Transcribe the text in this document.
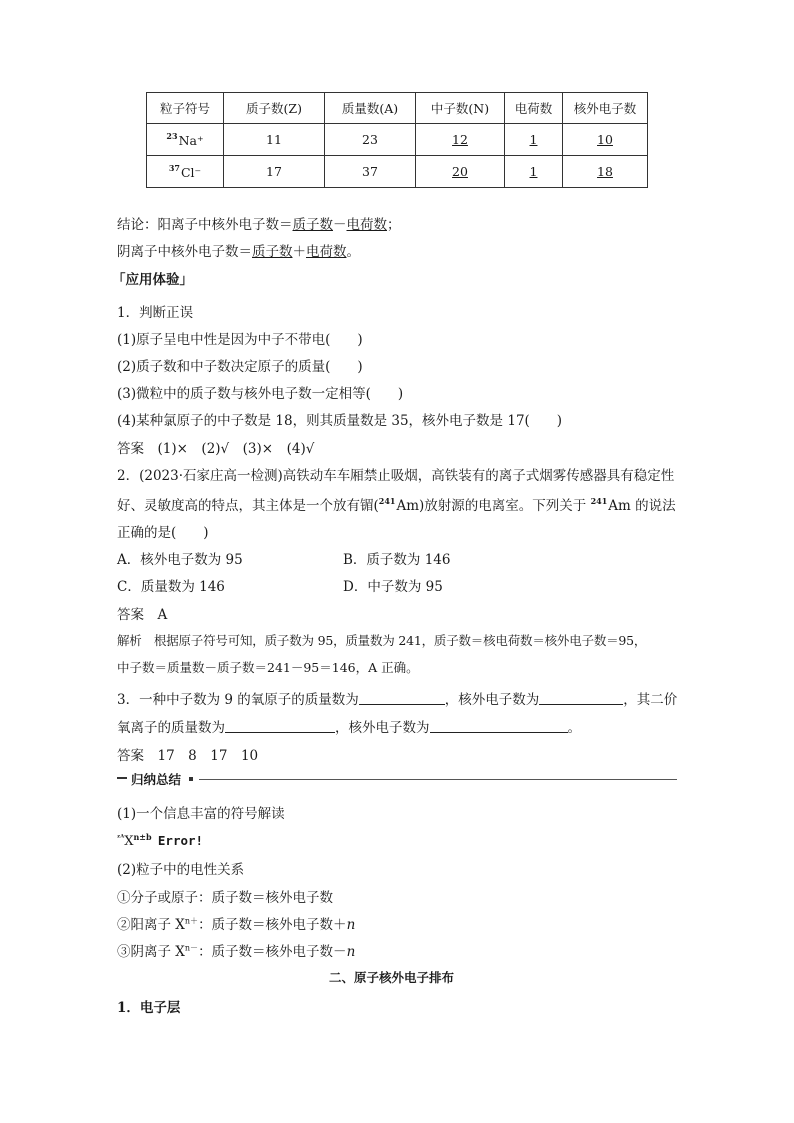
粒子符号	质子数(Z)	质量数(A)	中子数(N)	电荷数	核外电子数
$^{23}$Na⁺	11	23	12	1	10
$^{37}$Cl⁻	17	37	20	1	18
结论：阳离子中核外电子数＝质子数－电荷数；
阴离子中核外电子数＝质子数＋电荷数。
「应用体验」
1．判断正误
(1)原子呈电中性是因为中子不带电(　　)
(2)质子数和中子数决定原子的质量(　　)
(3)微粒中的质子数与核外电子数一定相等(　　)
(4)某种氯原子的中子数是 18，则其质量数是 35，核外电子数是 17(　　)
答案　(1)×　(2)√　(3)×　(4)√
2．(2023·石家庄高一检测)高铁动车车厢禁止吸烟，高铁装有的离子式烟雾传感器具有稳定性
好、灵敏度高的特点，其主体是一个放有镅($^{241}$Am)放射源的电离室。下列关于 $^{241}$Am 的说法
正确的是(　　)
A．核外电子数为 95	B．质子数为 146
C．质量数为 146	D．中子数为 95
答案　A
解析　根据原子符号可知，质子数为 95，质量数为 241，质子数＝核电荷数＝核外电子数＝95，
中子数＝质量数－质子数＝241－95＝146，A 正确。
3．一种中子数为 9 的氧原子的质量数为	，核外电子数为	，其二价
氧离子的质量数为	，核外电子数为	。
答案　17　8　17　10
归纳总结
(1)一个信息丰富的符号解读
$^{ᶻᴬ}X^{n\pm b}$ Error!
(2)粒子中的电性关系
①分子或原子：质子数＝核外电子数
②阳离子 $X^{n+}$：质子数＝核外电子数＋n
③阴离子 $X^{n-}$：质子数＝核外电子数－n
二、原子核外电子排布
1．电子层
